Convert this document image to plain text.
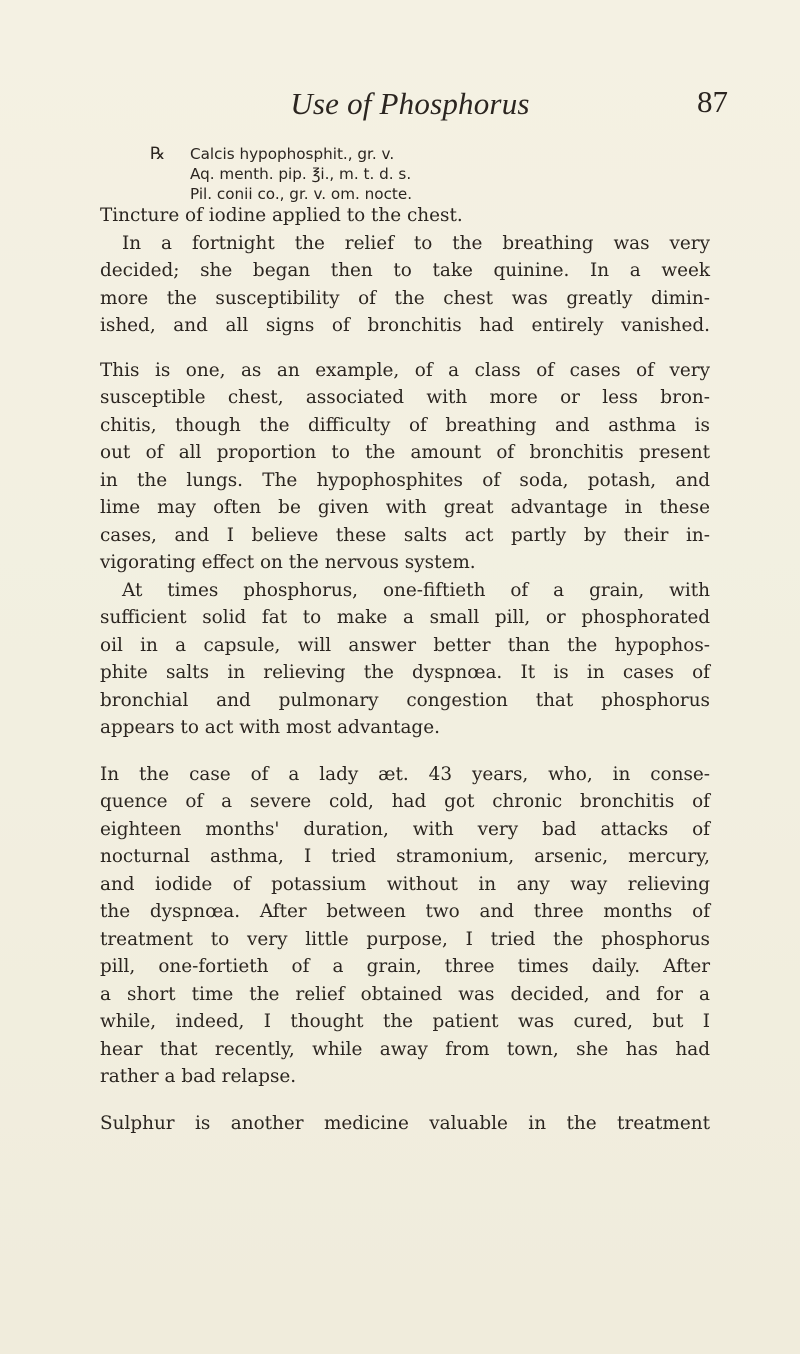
Use of Phosphorus	87
℞ Calcis hypophosphit., gr. v.
Aq. menth. pip. ℥i., m. t. d. s.
Pil. conii co., gr. v. om. nocte.
Tincture of iodine applied to the chest.
In a fortnight the relief to the breathing was very
decided; she began then to take quinine. In a week
more the susceptibility of the chest was greatly dimin-
ished, and all signs of bronchitis had entirely vanished.
This is one, as an example, of a class of cases of very
susceptible chest, associated with more or less bron-
chitis, though the difficulty of breathing and asthma is
out of all proportion to the amount of bronchitis present
in the lungs. The hypophosphites of soda, potash, and
lime may often be given with great advantage in these
cases, and I believe these salts act partly by their in-
vigorating effect on the nervous system.
At times phosphorus, one-fiftieth of a grain, with
sufficient solid fat to make a small pill, or phosphorated
oil in a capsule, will answer better than the hypophos-
phite salts in relieving the dyspnœa. It is in cases of
bronchial and pulmonary congestion that phosphorus
appears to act with most advantage.
In the case of a lady æt. 43 years, who, in conse-
quence of a severe cold, had got chronic bronchitis of
eighteen months' duration, with very bad attacks of
nocturnal asthma, I tried stramonium, arsenic, mercury,
and iodide of potassium without in any way relieving
the dyspnœa. After between two and three months of
treatment to very little purpose, I tried the phosphorus
pill, one-fortieth of a grain, three times daily. After
a short time the relief obtained was decided, and for a
while, indeed, I thought the patient was cured, but I
hear that recently, while away from town, she has had
rather a bad relapse.
Sulphur is another medicine valuable in the treatment
